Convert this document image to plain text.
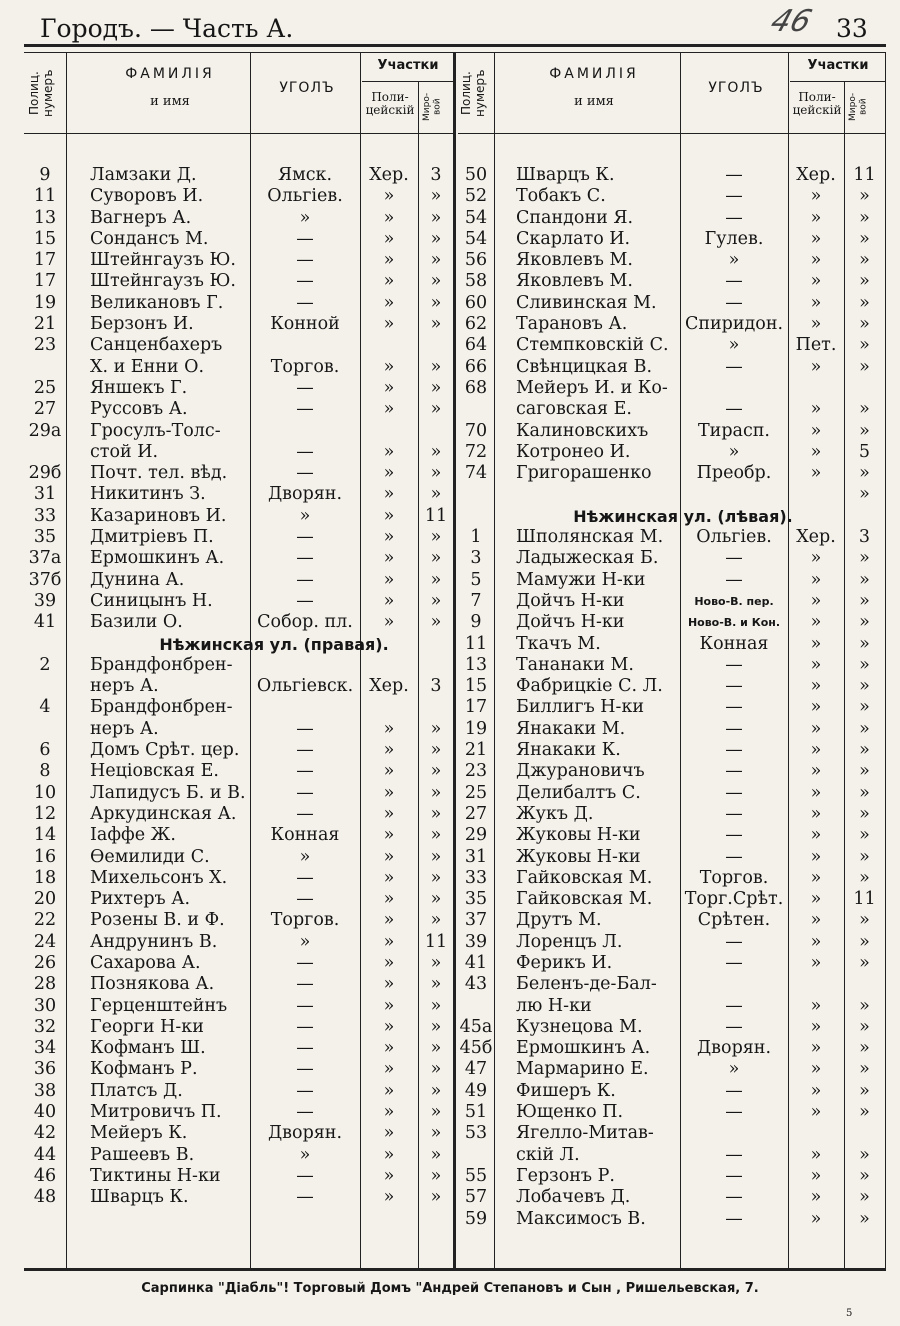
Городъ. — Часть А.	46 33
Полиц. нумеръ	ФАМИЛІЯ
и имя
УГОЛЪ
Участки
Поли- цейскій Миро- вой
9	Ламзаки Д.	Ямск.	Хер.	3
11	Суворовъ И.	Ольгіев.	»	»
13	Вагнеръ А.	»	»	»
15	Сондансъ М.	—	»	»
17	Штейнгаузъ Ю.	—	»	»
17	Штейнгаузъ Ю.	—	»	»
19	Великановъ Г.	—	»	»
21	Берзонъ И.	Конной	»	»
23	Санценбахеръ
Х. и Енни О.	Торгов.	»	»
25	Яншекъ Г.	—	»	»
27	Руссовъ А.	—	»	»
29а Гросулъ-Толс-
стой И.	—	»	»
29б Почт. тел. вѣд.	—	»	»
31	Никитинъ З.	Дворян.	»	»
33	Казариновъ И.	»	»	11
35	Дмитріевъ П.	—	»	»
37а Ермошкинъ А.	—	»	»
37б Дунина А.	—	»	»
39	Синицынъ Н.	—	»	»
41	Базили О.	Собор. пл.	»	»
Нѣжинская ул. (правая).
2	Брандфонбрен-
неръ А.	Ольгіевск. Хер.	3
4	Брандфонбрен-
неръ А.	—	»	»
6	Домъ Срѣт. цер.	—	»	»
8	Нецiовская Е.	—	»	»
10	Лапидусъ Б. и В.	—	»	»
12	Аркудинская А.	—	»	»
14	Іаффе Ж.	Конная	»	»
16	Ѳемилиди С.	»	»	»
18	Михельсонъ Х.	—	»	»
20	Рихтеръ А.	—	»	»
22	Розены В. и Ф.	Торгов.	»	»
24	Андрунинъ В.	»	»	11
26	Сахарова А.	—	»	»
28	Познякова А.	—	»	»
30	Герценштейнъ	—	»	»
32	Георги Н-ки	—	»	»
34	Кофманъ Ш.	—	»	»
36	Кофманъ Р.	—	»	»
38	Платсъ Д.	—	»	»
40	Митровичъ П.	—	»	»
42	Мейеръ К.	Дворян.	»	»
44	Рашеевъ В.	»	»	»
46	Тиктины Н-ки	—	»	»
48	Шварцъ К.	—	»	»
Полиц. нумеръ	ФАМИЛІЯ
и имя
УГОЛЪ
Участки
Поли- цейскій Миро- вой
50	Шварцъ К.	—	Хер.	11
52	Тобакъ С.	—	»	»
54	Спандони Я.	—	»	»
54	Скарлато И.	Гулев.	»	»
56	Яковлевъ М.	»	»	»
58	Яковлевъ М.	—	»	»
60	Сливинская М.	—	»	»
62	Тарановъ А.	Спиридон.	»	»
64	Стемпковскій С.	»	Пет.	»
66	Свѣнцицкая В.	—	»	»
68	Мейеръ И. и Ко-
саговская Е.	—	»	»
70	Калиновскихъ	Тирасп.	»	»
72	Котронео И.	»	»	5
74	Григорашенко	Преобр.	»	»
»
Нѣжинская ул. (лѣвая).
1	Шполянская М.	Ольгіев.	Хер.	3
3	Ладыжеская Б.	—	»	»
5	Мамужи Н-ки	—	»	»
7	Дойчъ Н-ки	Ново-В. пер.	»	»
9	Дойчъ Н-ки	Ново-В. и Кон.	»	»
11	Ткачъ М.	Конная	»	»
13	Тананаки М.	—	»	»
15	Фабрицкіе С. Л.	—	»	»
17	Биллигъ Н-ки	—	»	»
19	Янакаки М.	—	»	»
21	Янакаки К.	—	»	»
23	Джурановичъ	—	»	»
25	Делибалтъ С.	—	»	»
27	Жукъ Д.	—	»	»
29	Жуковы Н-ки	—	»	»
31	Жуковы Н-ки	—	»	»
33	Гайковская М.	Торгов.	»	»
35	Гайковская М. Торг.Срѣт.	»	11
37	Друтъ М.	Срѣтен.	»	»
39	Лоренцъ Л.	—	»	»
41	Ферикъ И.	—	»	»
43	Беленъ-де-Бал-
лю Н-ки	—	»	»
45а Кузнецова М.	—	»	»
45б Ермошкинъ А.	Дворян.	»	»
47	Мармарино Е.	»	»	»
49	Фишеръ К.	—	»	»
51	Ющенко П.	—	»	»
53	Ягелло-Митав-
скій Л.	—	»	»
55	Герзонъ Р.	—	»	»
57	Лобачевъ Д.	—	»	»
59	Максимосъ В.	—	»	»
Сарпинка "Діабль"! Торговый Домъ "Андрей Степановъ и Сын , Ришельевская, 7.
5
